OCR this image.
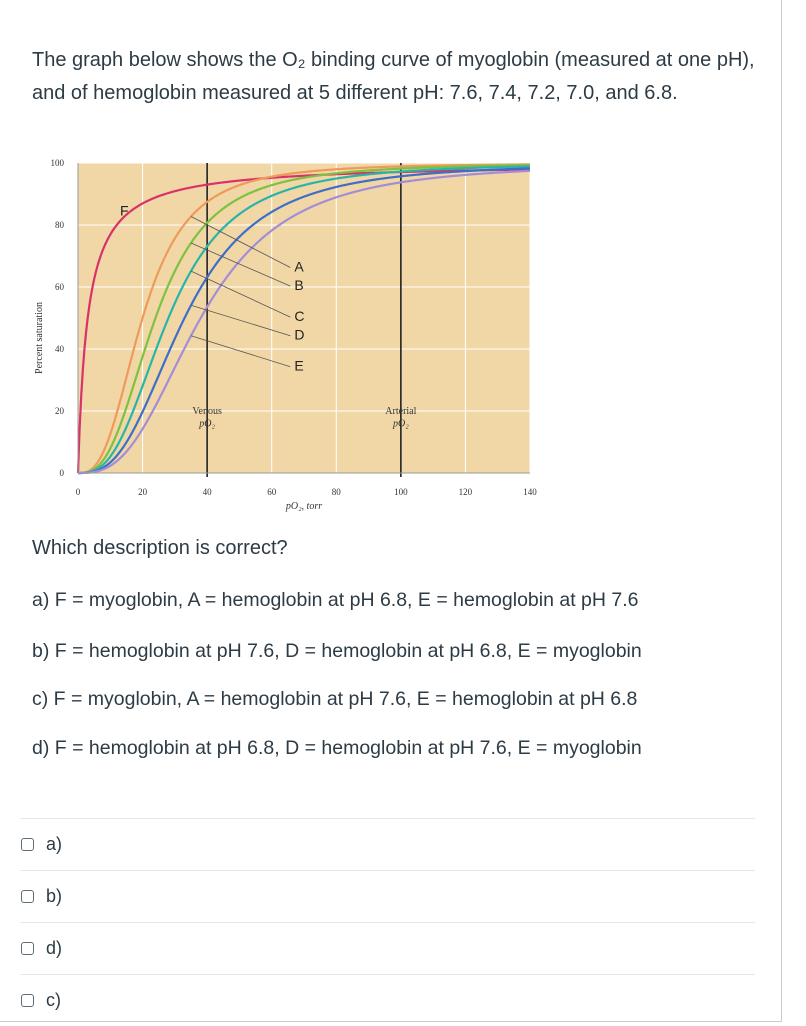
The graph below shows the O₂ binding curve of myoglobin (measured at one pH), and of hemoglobin measured at 5 different pH: 7.6, 7.4, 7.2, 7.0, and 6.8.

Venous
pO₂
Arterial
pO₂
0
20
40
60
80
100
0	20	40	60	80	100	120	140
pO₂, torr
Percent saturation
F
A
B
C
D
E

Which description is correct?

a) F = myoglobin, A = hemoglobin at pH 6.8, E = hemoglobin at pH 7.6

b) F = hemoglobin at pH 7.6, D = hemoglobin at pH 6.8, E = myoglobin

c) F = myoglobin, A = hemoglobin at pH 7.6, E = hemoglobin at pH 6.8

d) F = hemoglobin at pH 6.8, D = hemoglobin at pH 7.6, E = myoglobin

a)
b)
d)
c)
